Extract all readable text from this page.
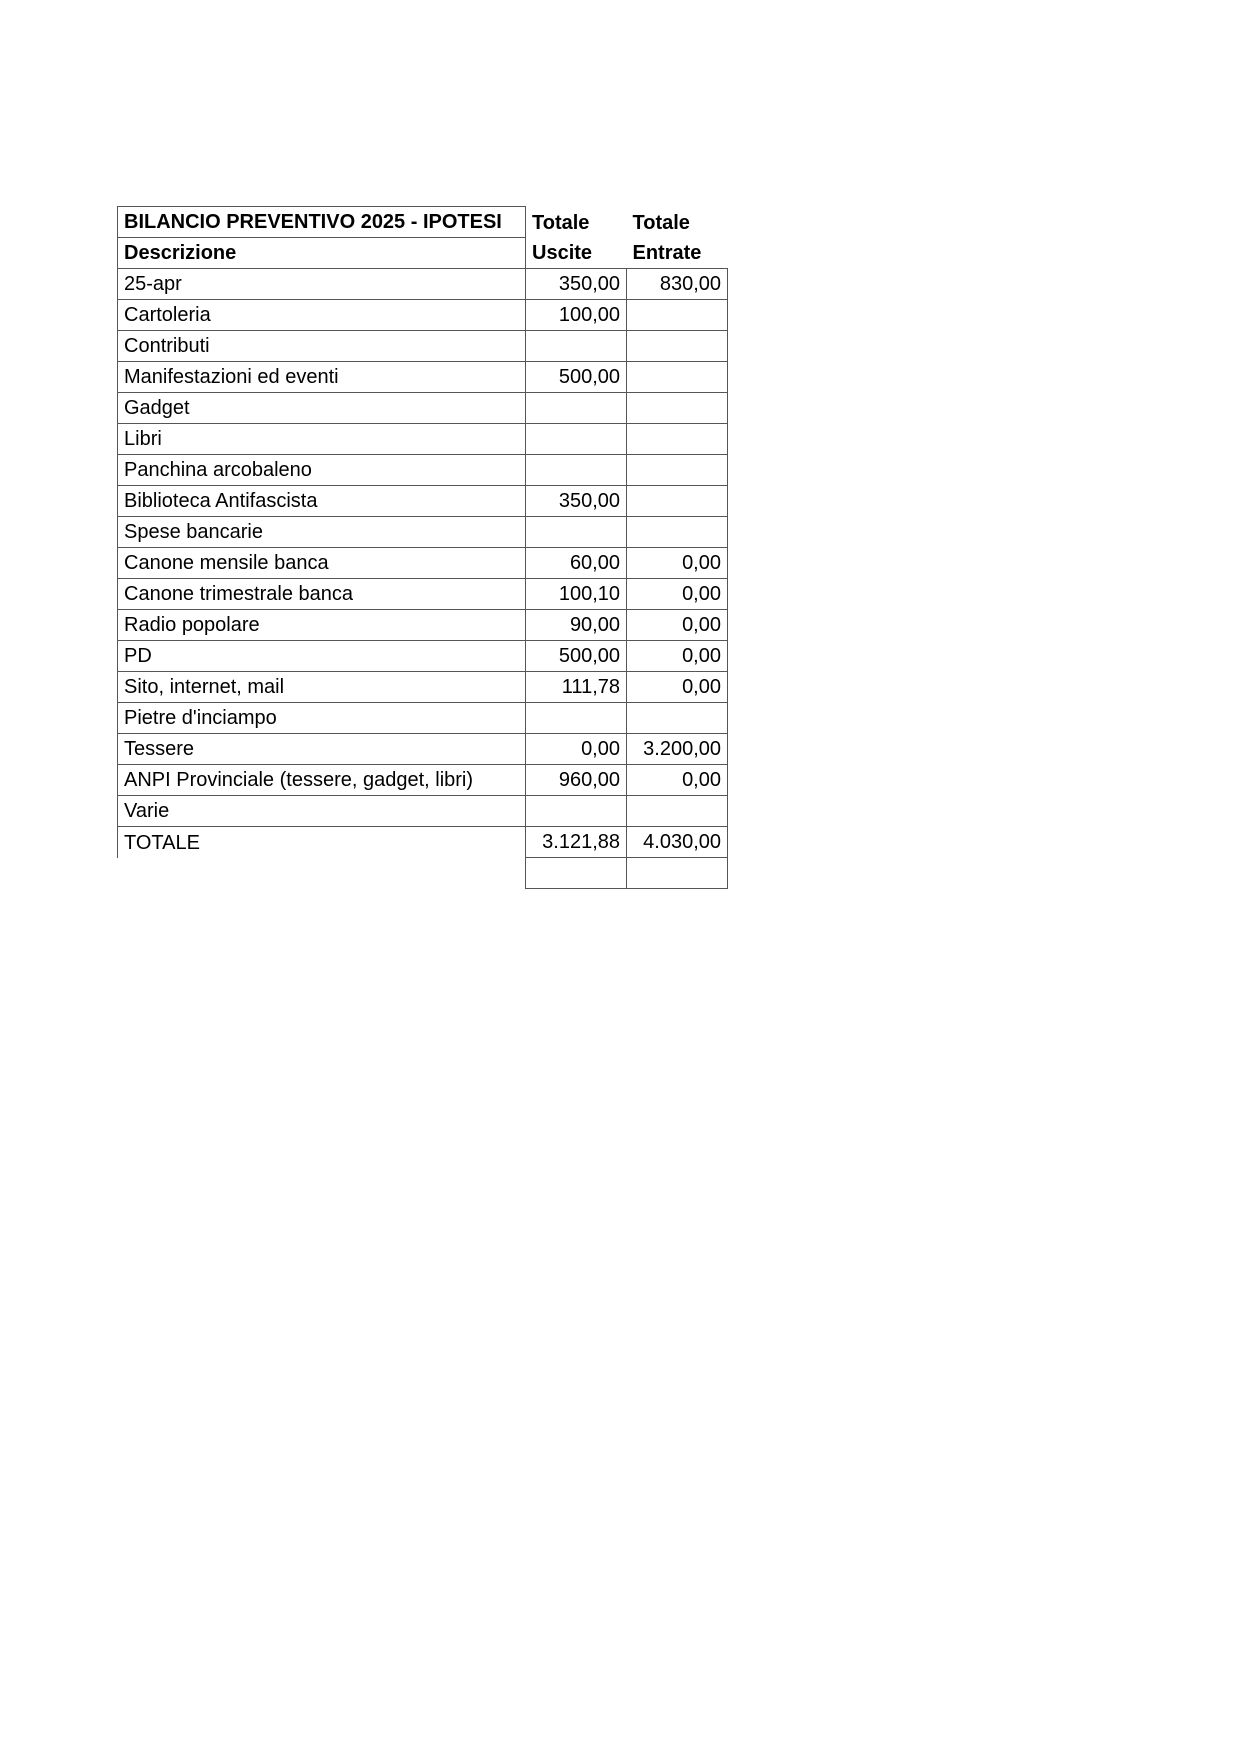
BILANCIO PREVENTIVO 2025 - IPOTESI	Totale	Totale
Descrizione	Uscite	Entrate
25-apr	350,00	830,00
Cartoleria	100,00	
Contributi		
Manifestazioni ed eventi	500,00	
Gadget		
Libri		
Panchina arcobaleno		
Biblioteca Antifascista	350,00	
Spese bancarie		
Canone mensile banca	60,00	0,00
Canone trimestrale banca	100,10	0,00
Radio popolare	90,00	0,00
PD	500,00	0,00
Sito, internet, mail	111,78	0,00
Pietre d'inciampo		
Tessere	0,00	3.200,00
ANPI Provinciale (tessere, gadget, libri)	960,00	0,00
Varie		
TOTALE	3.121,88	4.030,00
